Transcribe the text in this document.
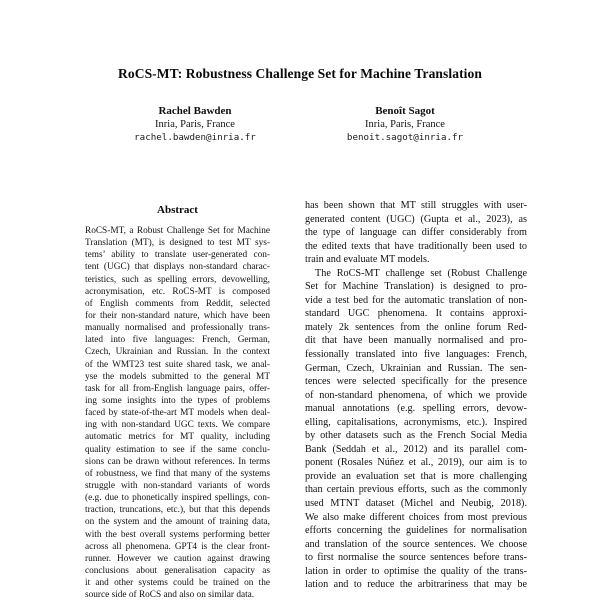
RoCS-MT: Robustness Challenge Set for Machine Translation
Rachel Bawden
Inria, Paris, France
rachel.bawden@inria.fr
Benoît Sagot
Inria, Paris, France
benoit.sagot@inria.fr
Abstract
RoCS-MT, a Robust Challenge Set for Machine
Translation (MT), is designed to test MT sys-
tems’ ability to translate user-generated con-
tent (UGC) that displays non-standard charac-
teristics, such as spelling errors, devowelling,
acronymisation, etc. RoCS-MT is composed
of English comments from Reddit, selected
for their non-standard nature, which have been
manually normalised and professionally trans-
lated into five languages: French, German,
Czech, Ukrainian and Russian. In the context
of the WMT23 test suite shared task, we anal-
yse the models submitted to the general MT
task for all from-English language pairs, offer-
ing some insights into the types of problems
faced by state-of-the-art MT models when deal-
ing with non-standard UGC texts. We compare
automatic metrics for MT quality, including
quality estimation to see if the same conclu-
sions can be drawn without references. In terms
of robustness, we find that many of the systems
struggle with non-standard variants of words
(e.g. due to phonetically inspired spellings, con-
traction, truncations, etc.), but that this depends
on the system and the amount of training data,
with the best overall systems performing better
across all phenomena. GPT4 is the clear front-
runner. However we caution against drawing
conclusions about generalisation capacity as
it and other systems could be trained on the
source side of RoCS and also on similar data.
has been shown that MT still struggles with user-
generated content (UGC) (Gupta et al., 2023), as
the type of language can differ considerably from
the edited texts that have traditionally been used to
train and evaluate MT models.
The RoCS-MT challenge set (Robust Challenge
Set for Machine Translation) is designed to pro-
vide a test bed for the automatic translation of non-
standard UGC phenomena. It contains approxi-
mately 2k sentences from the online forum Red-
dit that have been manually normalised and pro-
fessionally translated into five languages: French,
German, Czech, Ukrainian and Russian. The sen-
tences were selected specifically for the presence
of non-standard phenomena, of which we provide
manual annotations (e.g. spelling errors, devow-
elling, capitalisations, acronymisms, etc.). Inspired
by other datasets such as the French Social Media
Bank (Seddah et al., 2012) and its parallel com-
ponent (Rosales Núñez et al., 2019), our aim is to
provide an evaluation set that is more challenging
than certain previous efforts, such as the commonly
used MTNT dataset (Michel and Neubig, 2018).
We also make different choices from most previous
efforts concerning the guidelines for normalisation
and translation of the source sentences. We choose
to first normalise the source sentences before trans-
lation in order to optimise the quality of the trans-
lation and to reduce the arbitrariness that may be
